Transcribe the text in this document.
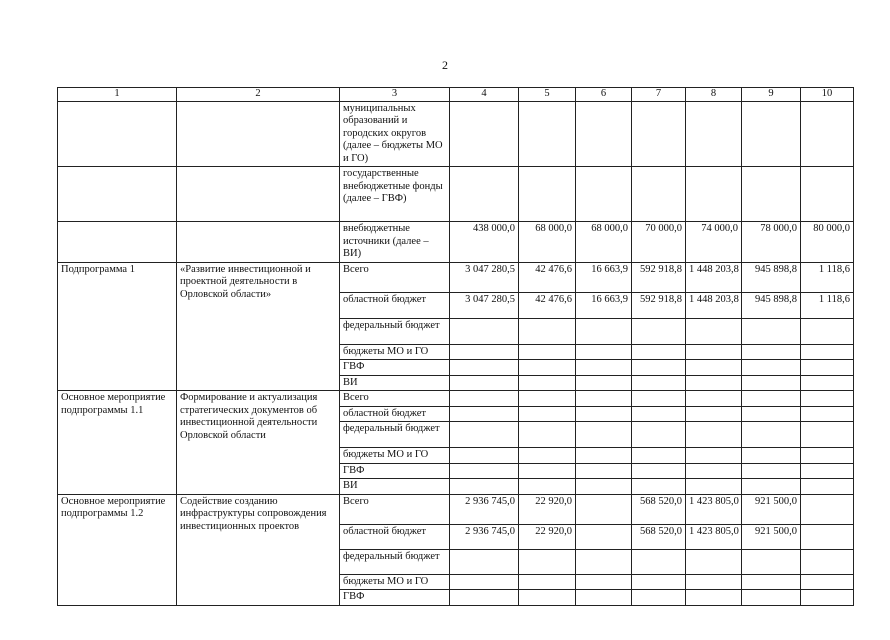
2
1	2	3	4	5	6	7	8	9	10
		муниципальных образований и городских округов (далее – бюджеты МО и ГО)							
		государственные внебюджетные фонды (далее – ГВФ)							
		внебюджетные источники (далее – ВИ)	438 000,0	68 000,0	68 000,0	70 000,0	74 000,0	78 000,0	80 000,0
Подпрограмма 1	«Развитие инвестиционной и проектной деятельности в Орловской области»	Всего	3 047 280,5	42 476,6	16 663,9	592 918,8	1 448 203,8	945 898,8	1 118,6
		областной бюджет	3 047 280,5	42 476,6	16 663,9	592 918,8	1 448 203,8	945 898,8	1 118,6
		федеральный бюджет							
		бюджеты МО и ГО							
		ГВФ							
		ВИ							
Основное мероприятие подпрограммы 1.1	Формирование и актуализация стратегических документов об инвестиционной деятельности Орловской области	Всего							
		областной бюджет							
		федеральный бюджет							
		бюджеты МО и ГО							
		ГВФ							
		ВИ							
Основное мероприятие подпрограммы 1.2	Содействие созданию инфраструктуры сопровождения инвестиционных проектов	Всего	2 936 745,0	22 920,0		568 520,0	1 423 805,0	921 500,0	
		областной бюджет	2 936 745,0	22 920,0		568 520,0	1 423 805,0	921 500,0	
		федеральный бюджет							
		бюджеты МО и ГО							
		ГВФ							
